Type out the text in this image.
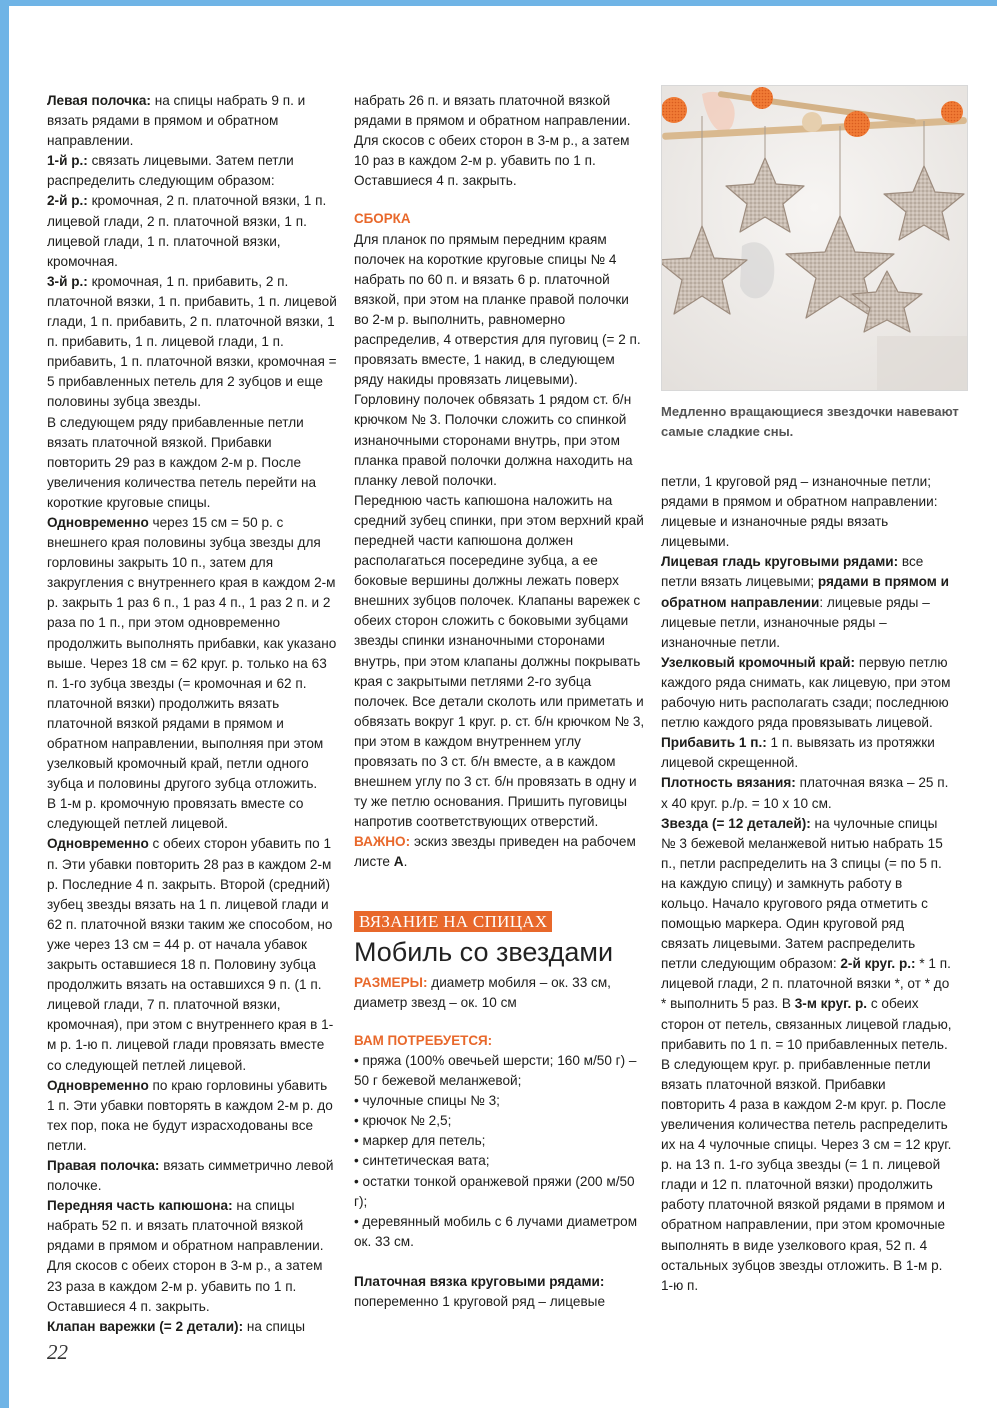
Левая полочка: на спицы набрать 9 п. и вязать рядами в прямом и обратном направлении.

1-й р.: связать лицевыми. Затем петли распределить следующим образом:

2-й р.: кромочная, 2 п. платочной вязки, 1 п. лицевой глади, 2 п. платочной вязки, 1 п. лицевой глади, 1 п. платочной вязки, кромочная.

3-й р.: кромочная, 1 п. прибавить, 2 п. платочной вязки, 1 п. прибавить, 1 п. лицевой глади, 1 п. прибавить, 2 п. платочной вязки, 1 п. прибавить, 1 п. лицевой глади, 1 п. прибавить, 1 п. платочной вязки, кромочная = 5 прибавленных петель для 2 зубцов и еще половины зубца звезды.

В следующем ряду прибавленные петли вязать платочной вязкой. Прибавки повторить 29 раз в каждом 2-м р. После увеличения количества петель перейти на короткие круговые спицы.

Одновременно через 15 см = 50 р. с внешнего края половины зубца звезды для горловины закрыть 10 п., затем для закругления с внутреннего края в каждом 2-м р. закрыть 1 раз 6 п., 1 раз 4 п., 1 раз 2 п. и 2 раза по 1 п., при этом одновременно продолжить выполнять прибавки, как указано выше. Через 18 см = 62 круг. р. только на 63 п. 1-го зубца звезды (= кромочная и 62 п. платочной вязки) продолжить вязать платочной вязкой рядами в прямом и обратном направлении, выполняя при этом узелковый кромочный край, петли одного зубца и половины другого зубца отложить.

В 1-м р. кромочную провязать вместе со следующей петлей лицевой.

Одновременно с обеих сторон убавить по 1 п. Эти убавки повторить 28 раз в каждом 2-м р. Последние 4 п. закрыть. Второй (средний) зубец звезды вязать на 1 п. лицевой глади и 62 п. платочной вязки таким же способом, но уже через 13 см = 44 р. от начала убавок закрыть оставшиеся 18 п. Половину зубца продолжить вязать на оставшихся 9 п. (1 п. лицевой глади, 7 п. платочной вязки, кромочная), при этом с внутреннего края в 1-м р. 1-ю п. лицевой глади провязать вместе со следующей петлей лицевой.

Одновременно по краю горловины убавить 1 п. Эти убавки повторять в каждом 2-м р. до тех пор, пока не будут израсходованы все петли.

Правая полочка: вязать симметрично левой полочке.

Передняя часть капюшона: на спицы набрать 52 п. и вязать платочной вязкой рядами в прямом и обратном направлении. Для скосов с обеих сторон в 3-м р., а затем 23 раза в каждом 2-м р. убавить по 1 п. Оставшиеся 4 п. закрыть.

Клапан варежки (= 2 детали): на спицы

набрать 26 п. и вязать платочной вязкой рядами в прямом и обратном направлении. Для скосов с обеих сторон в 3-м р., а затем 10 раз в каждом 2-м р. убавить по 1 п. Оставшиеся 4 п. закрыть.

СБОРКА

Для планок по прямым передним краям полочек на короткие круговые спицы № 4 набрать по 60 п. и вязать 6 р. платочной вязкой, при этом на планке правой полочки во 2-м р. выполнить, равномерно распределив, 4 отверстия для пуговиц (= 2 п. провязать вместе, 1 накид, в следующем ряду накиды провязать лицевыми). Горловину полочек обвязать 1 рядом ст. б/н крючком № 3. Полочки сложить со спинкой изнаночными сторонами внутрь, при этом планка правой полочки должна находить на планку левой полочки.

Переднюю часть капюшона наложить на средний зубец спинки, при этом верхний край передней части капюшона должен располагаться посередине зубца, а ее боковые вершины должны лежать поверх внешних зубцов полочек. Клапаны варежек с обеих сторон сложить с боковыми зубцами звезды спинки изнаночными сторонами внутрь, при этом клапаны должны покрывать края с закрытыми петлями 2-го зубца полочек. Все детали сколоть или приметать и обвязать вокруг 1 круг. р. ст. б/н крючком № 3, при этом в каждом внутреннем углу провязать по 3 ст. б/н вместе, а в каждом внешнем углу по 3 ст. б/н провязать в одну и ту же петлю основания. Пришить пуговицы напротив соответствующих отверстий.

ВАЖНО: эскиз звезды приведен на рабочем листе А.

ВЯЗАНИЕ НА СПИЦАХ

Мобиль со звездами

РАЗМЕРЫ: диаметр мобиля – ок. 33 см, диаметр звезд – ок. 10 см

ВАМ ПОТРЕБУЕТСЯ:

• пряжа (100% овечьей шерсти; 160 м/50 г) – 50 г бежевой меланжевой;

• чулочные спицы № 3;

• крючок № 2,5;

• маркер для петель;

• синтетическая вата;

• остатки тонкой оранжевой пряжи (200 м/50 г);

• деревянный мобиль с 6 лучами диаметром ок. 33 см.

Платочная вязка круговыми рядами:
попеременно 1 круговой ряд – лицевые

Медленно вращающиеся звездочки навевают самые сладкие сны.

петли, 1 круговой ряд – изнаночные петли; рядами в прямом и обратном направлении: лицевые и изнаночные ряды вязать лицевыми.

Лицевая гладь круговыми рядами: все петли вязать лицевыми; рядами в прямом и обратном направлении: лицевые ряды – лицевые петли, изнаночные ряды – изнаночные петли.

Узелковый кромочный край: первую петлю каждого ряда снимать, как лицевую, при этом рабочую нить располагать сзади; последнюю петлю каждого ряда провязывать лицевой.

Прибавить 1 п.: 1 п. вывязать из протяжки лицевой скрещенной.

Плотность вязания: платочная вязка – 25 п. х 40 круг. р./р. = 10 х 10 см.

Звезда (= 12 деталей): на чулочные спицы № 3 бежевой меланжевой нитью набрать 15 п., петли распределить на 3 спицы (= по 5 п. на каждую спицу) и замкнуть работу в кольцо. Начало кругового ряда отметить с помощью маркера. Один круговой ряд связать лицевыми. Затем распределить петли следующим образом: 2-й круг. р.: * 1 п. лицевой глади, 2 п. платочной вязки *, от * до * выполнить 5 раз. В 3-м круг. р. с обеих сторон от петель, связанных лицевой гладью, прибавить по 1 п. = 10 прибавленных петель. В следующем круг. р. прибавленные петли вязать платочной вязкой. Прибавки повторить 4 раза в каждом 2-м круг. р. После увеличения количества петель распределить их на 4 чулочные спицы. Через 3 см = 12 круг. р. на 13 п. 1-го зубца звезды (= 1 п. лицевой глади и 12 п. платочной вязки) продолжить работу платочной вязкой рядами в прямом и обратном направлении, при этом кромочные выполнять в виде узелкового края, 52 п. 4 остальных зубцов звезды отложить. В 1-м р. 1-ю п.

22
